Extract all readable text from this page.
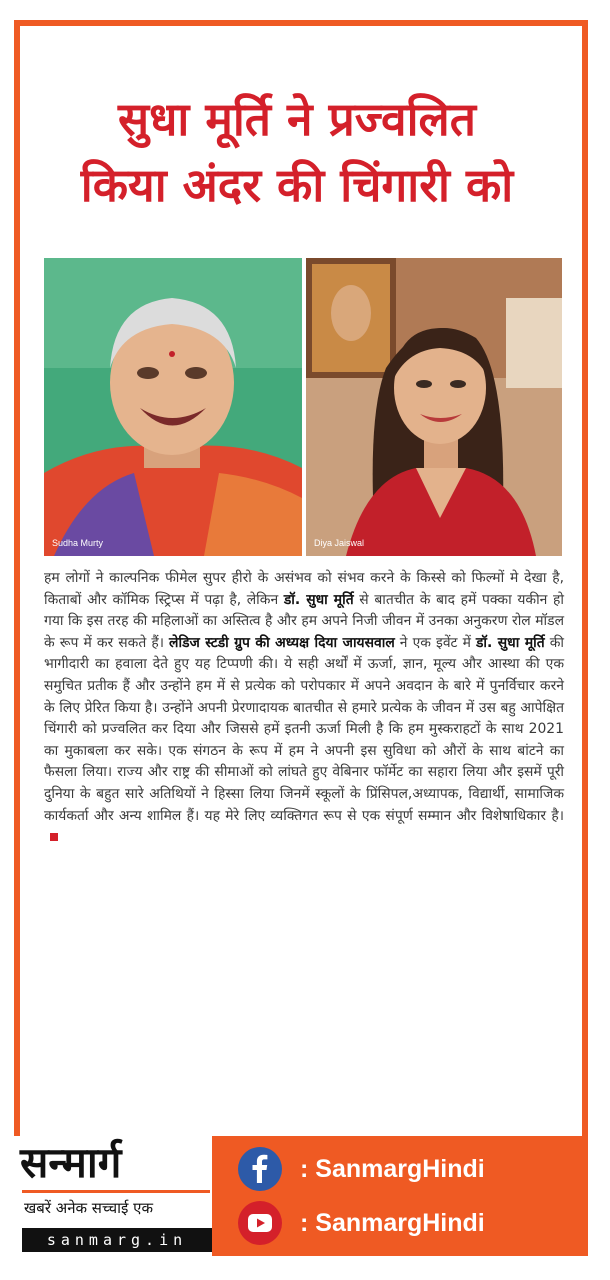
सुधा मूर्ति ने प्रज्वलित
किया अंदर की चिंगारी को
Sudha Murty	Diya Jaiswal
हम लोगों ने काल्पनिक फीमेल सुपर हीरो के असंभव को संभव करने के किस्से को फिल्मों मे देखा है, किताबों और कॉमिक स्ट्रिप्स में पढ़ा है, लेकिन डॉ. सुधा मूर्ति से बातचीत के बाद हमें पक्का यकीन हो गया कि इस तरह की महिलाओं का अस्तित्व है और हम अपने निजी जीवन में उनका अनुकरण रोल मॉडल के रूप में कर सकते हैं। लेडिज स्टडी ग्रुप की अध्यक्ष दिया जायसवाल ने एक इवेंट में डॉ. सुधा मूर्ति की भागीदारी का हवाला देते हुए यह टिप्पणी की। ये सही अर्थों में ऊर्जा, ज्ञान, मूल्य और आस्था की एक समुचित प्रतीक हैं और उन्होंने हम में से प्रत्येक को परोपकार में अपने अवदान के बारे में पुनर्विचार करने के लिए प्रेरित किया है। उन्होंने अपनी प्रेरणादायक बातचीत से हमारे प्रत्येक के जीवन में उस बहु आपेक्षित चिंगारी को प्रज्वलित कर दिया और जिससे हमें इतनी ऊर्जा मिली है कि हम मुस्कराहटों के साथ 2021 का मुकाबला कर सके। एक संगठन के रूप में हम ने अपनी इस सुविधा को औरों के साथ बांटने का फैसला लिया। राज्य और राष्ट्र की सीमाओं को लांघते हुए वेबिनार फॉर्मेट का सहारा लिया और इसमें पूरी दुनिया के बहुत सारे अतिथियों ने हिस्सा लिया जिनमें स्कूलों के प्रिंसिपल,अध्यापक, विद्यार्थी, सामाजिक कार्यकर्ता और अन्य शामिल हैं। यह मेरे लिए व्यक्तिगत रूप से एक संपूर्ण सम्मान और विशेषाधिकार है।
सन्मार्ग
खबरें अनेक सच्चाई एक
sanmarg.in
: SanmargHindi
: SanmargHindi
